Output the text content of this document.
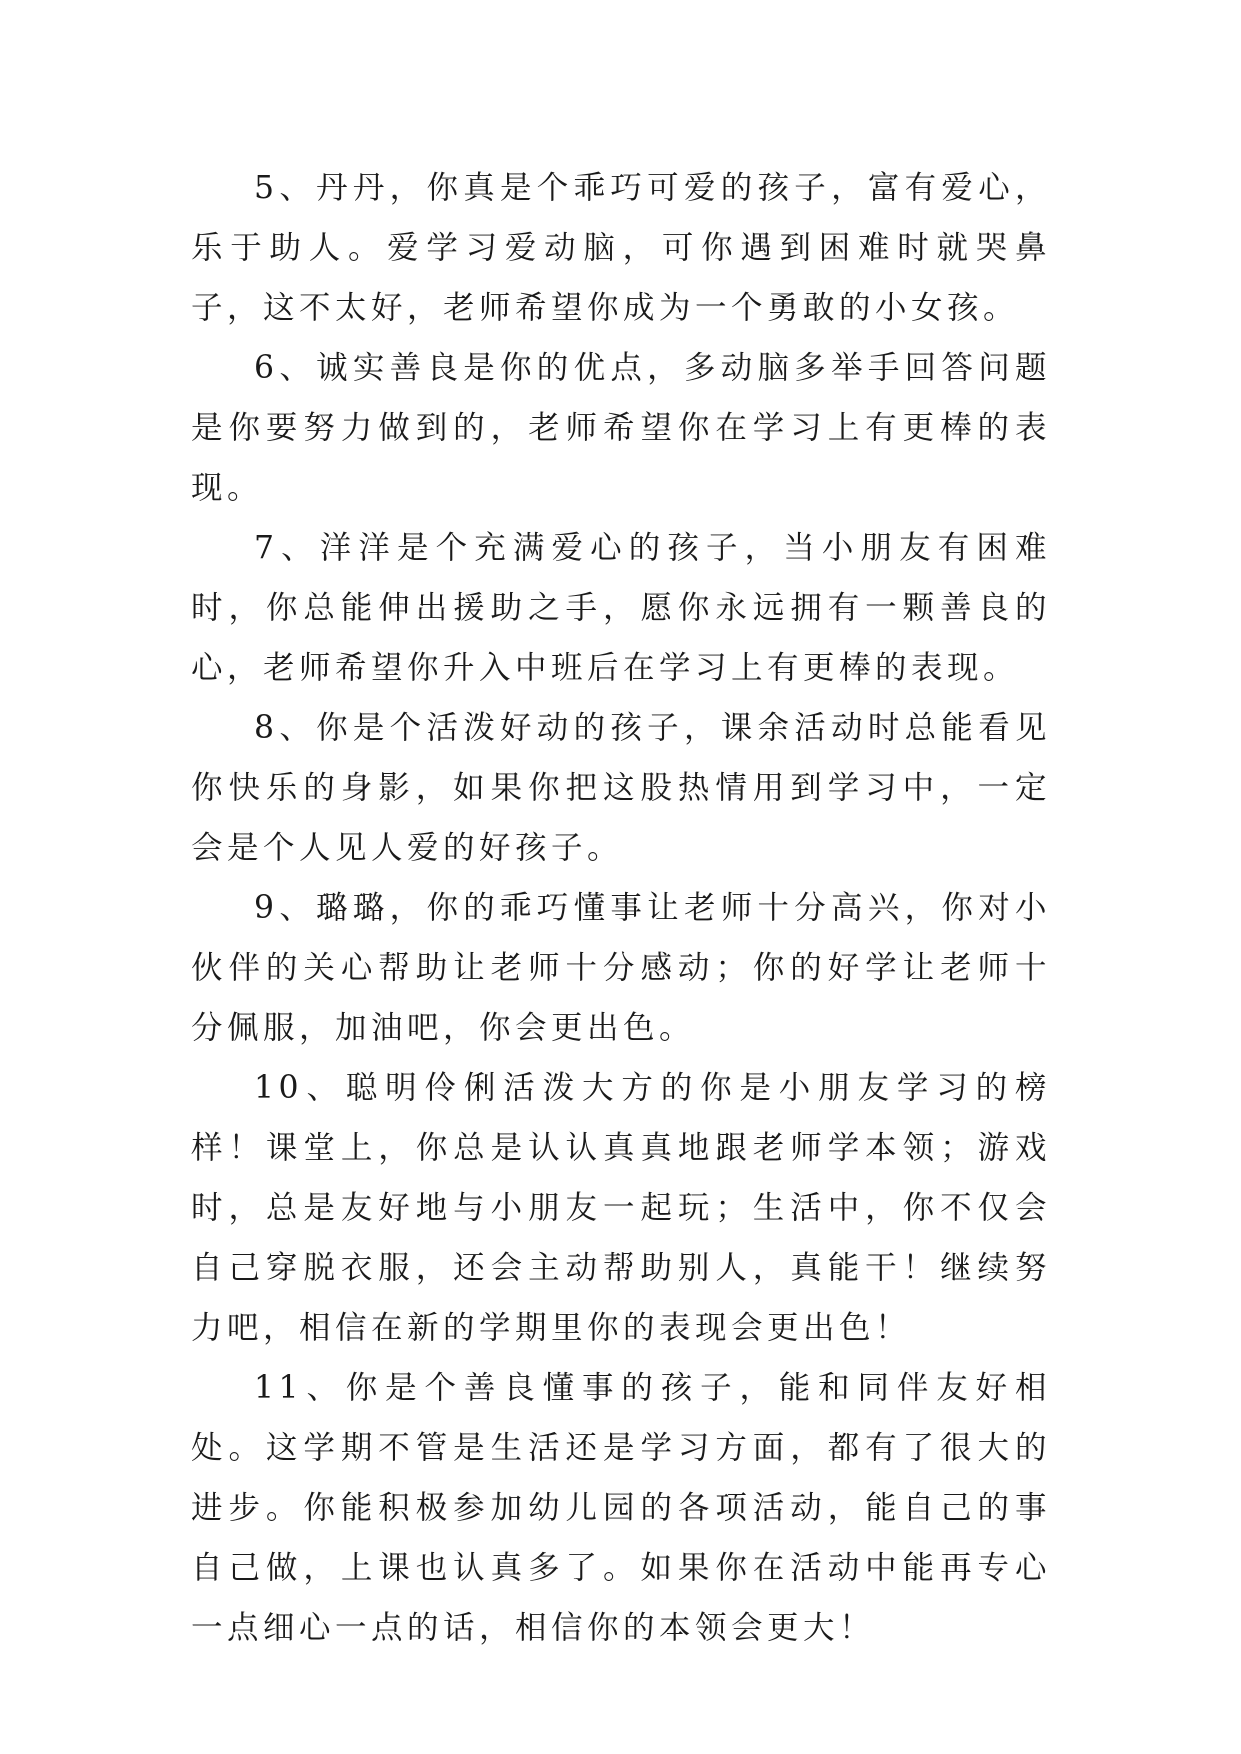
5、丹丹，你真是个乖巧可爱的孩子，富有爱心，乐于助人。爱学习爱动脑，可你遇到困难时就哭鼻子，这不太好，老师希望你成为一个勇敢的小女孩。

6、诚实善良是你的优点，多动脑多举手回答问题是你要努力做到的，老师希望你在学习上有更棒的表现。

7、洋洋是个充满爱心的孩子，当小朋友有困难时，你总能伸出援助之手，愿你永远拥有一颗善良的心，老师希望你升入中班后在学习上有更棒的表现。

8、你是个活泼好动的孩子，课余活动时总能看见你快乐的身影，如果你把这股热情用到学习中，一定会是个人见人爱的好孩子。

9、璐璐，你的乖巧懂事让老师十分高兴，你对小伙伴的关心帮助让老师十分感动；你的好学让老师十分佩服，加油吧，你会更出色。

10、聪明伶俐活泼大方的你是小朋友学习的榜样！课堂上，你总是认认真真地跟老师学本领；游戏时，总是友好地与小朋友一起玩；生活中，你不仅会自己穿脱衣服，还会主动帮助别人，真能干！继续努力吧，相信在新的学期里你的表现会更出色！

11、你是个善良懂事的孩子，能和同伴友好相处。这学期不管是生活还是学习方面，都有了很大的进步。你能积极参加幼儿园的各项活动，能自己的事自己做，上课也认真多了。如果你在活动中能再专心一点细心一点的话，相信你的本领会更大！
